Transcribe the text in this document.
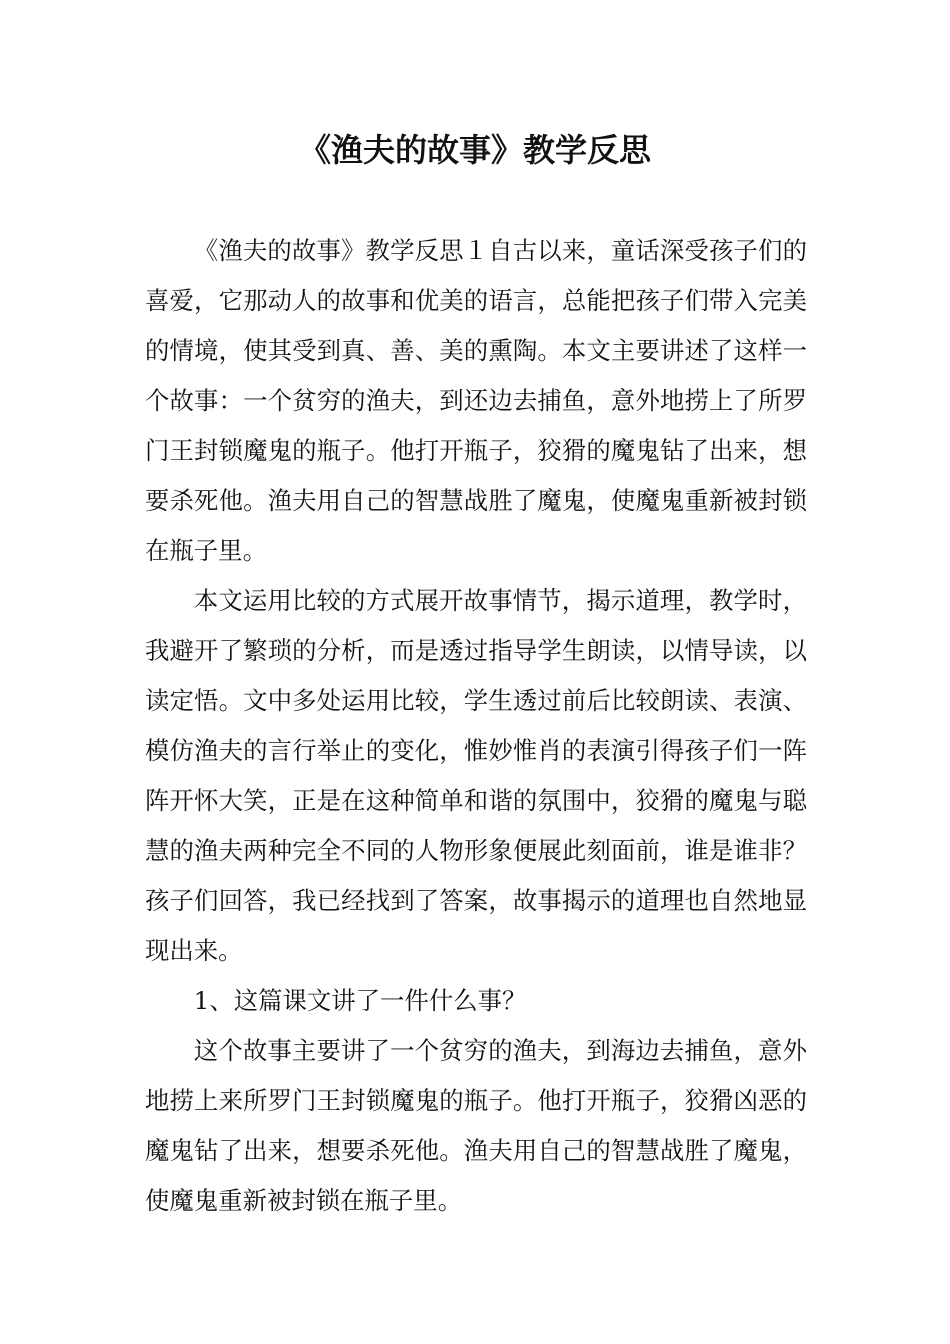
《渔夫的故事》教学反思

《渔夫的故事》教学反思１自古以来，童话深受孩子们的喜爱，它那动人的故事和优美的语言，总能把孩子们带入完美的情境，使其受到真、善、美的熏陶。本文主要讲述了这样一个故事：一个贫穷的渔夫，到还边去捕鱼，意外地捞上了所罗门王封锁魔鬼的瓶子。他打开瓶子，狡猾的魔鬼钻了出来，想要杀死他。渔夫用自己的智慧战胜了魔鬼，使魔鬼重新被封锁在瓶子里。

本文运用比较的方式展开故事情节，揭示道理，教学时，我避开了繁琐的分析，而是透过指导学生朗读，以情导读，以读定悟。文中多处运用比较，学生透过前后比较朗读、表演、模仿渔夫的言行举止的变化，惟妙惟肖的表演引得孩子们一阵阵开怀大笑，正是在这种简单和谐的氛围中，狡猾的魔鬼与聪慧的渔夫两种完全不同的人物形象便展此刻面前，谁是谁非？孩子们回答，我已经找到了答案，故事揭示的道理也自然地显现出来。

1、这篇课文讲了一件什么事？

这个故事主要讲了一个贫穷的渔夫，到海边去捕鱼，意外地捞上来所罗门王封锁魔鬼的瓶子。他打开瓶子，狡猾凶恶的魔鬼钻了出来，想要杀死他。渔夫用自己的智慧战胜了魔鬼，使魔鬼重新被封锁在瓶子里。
